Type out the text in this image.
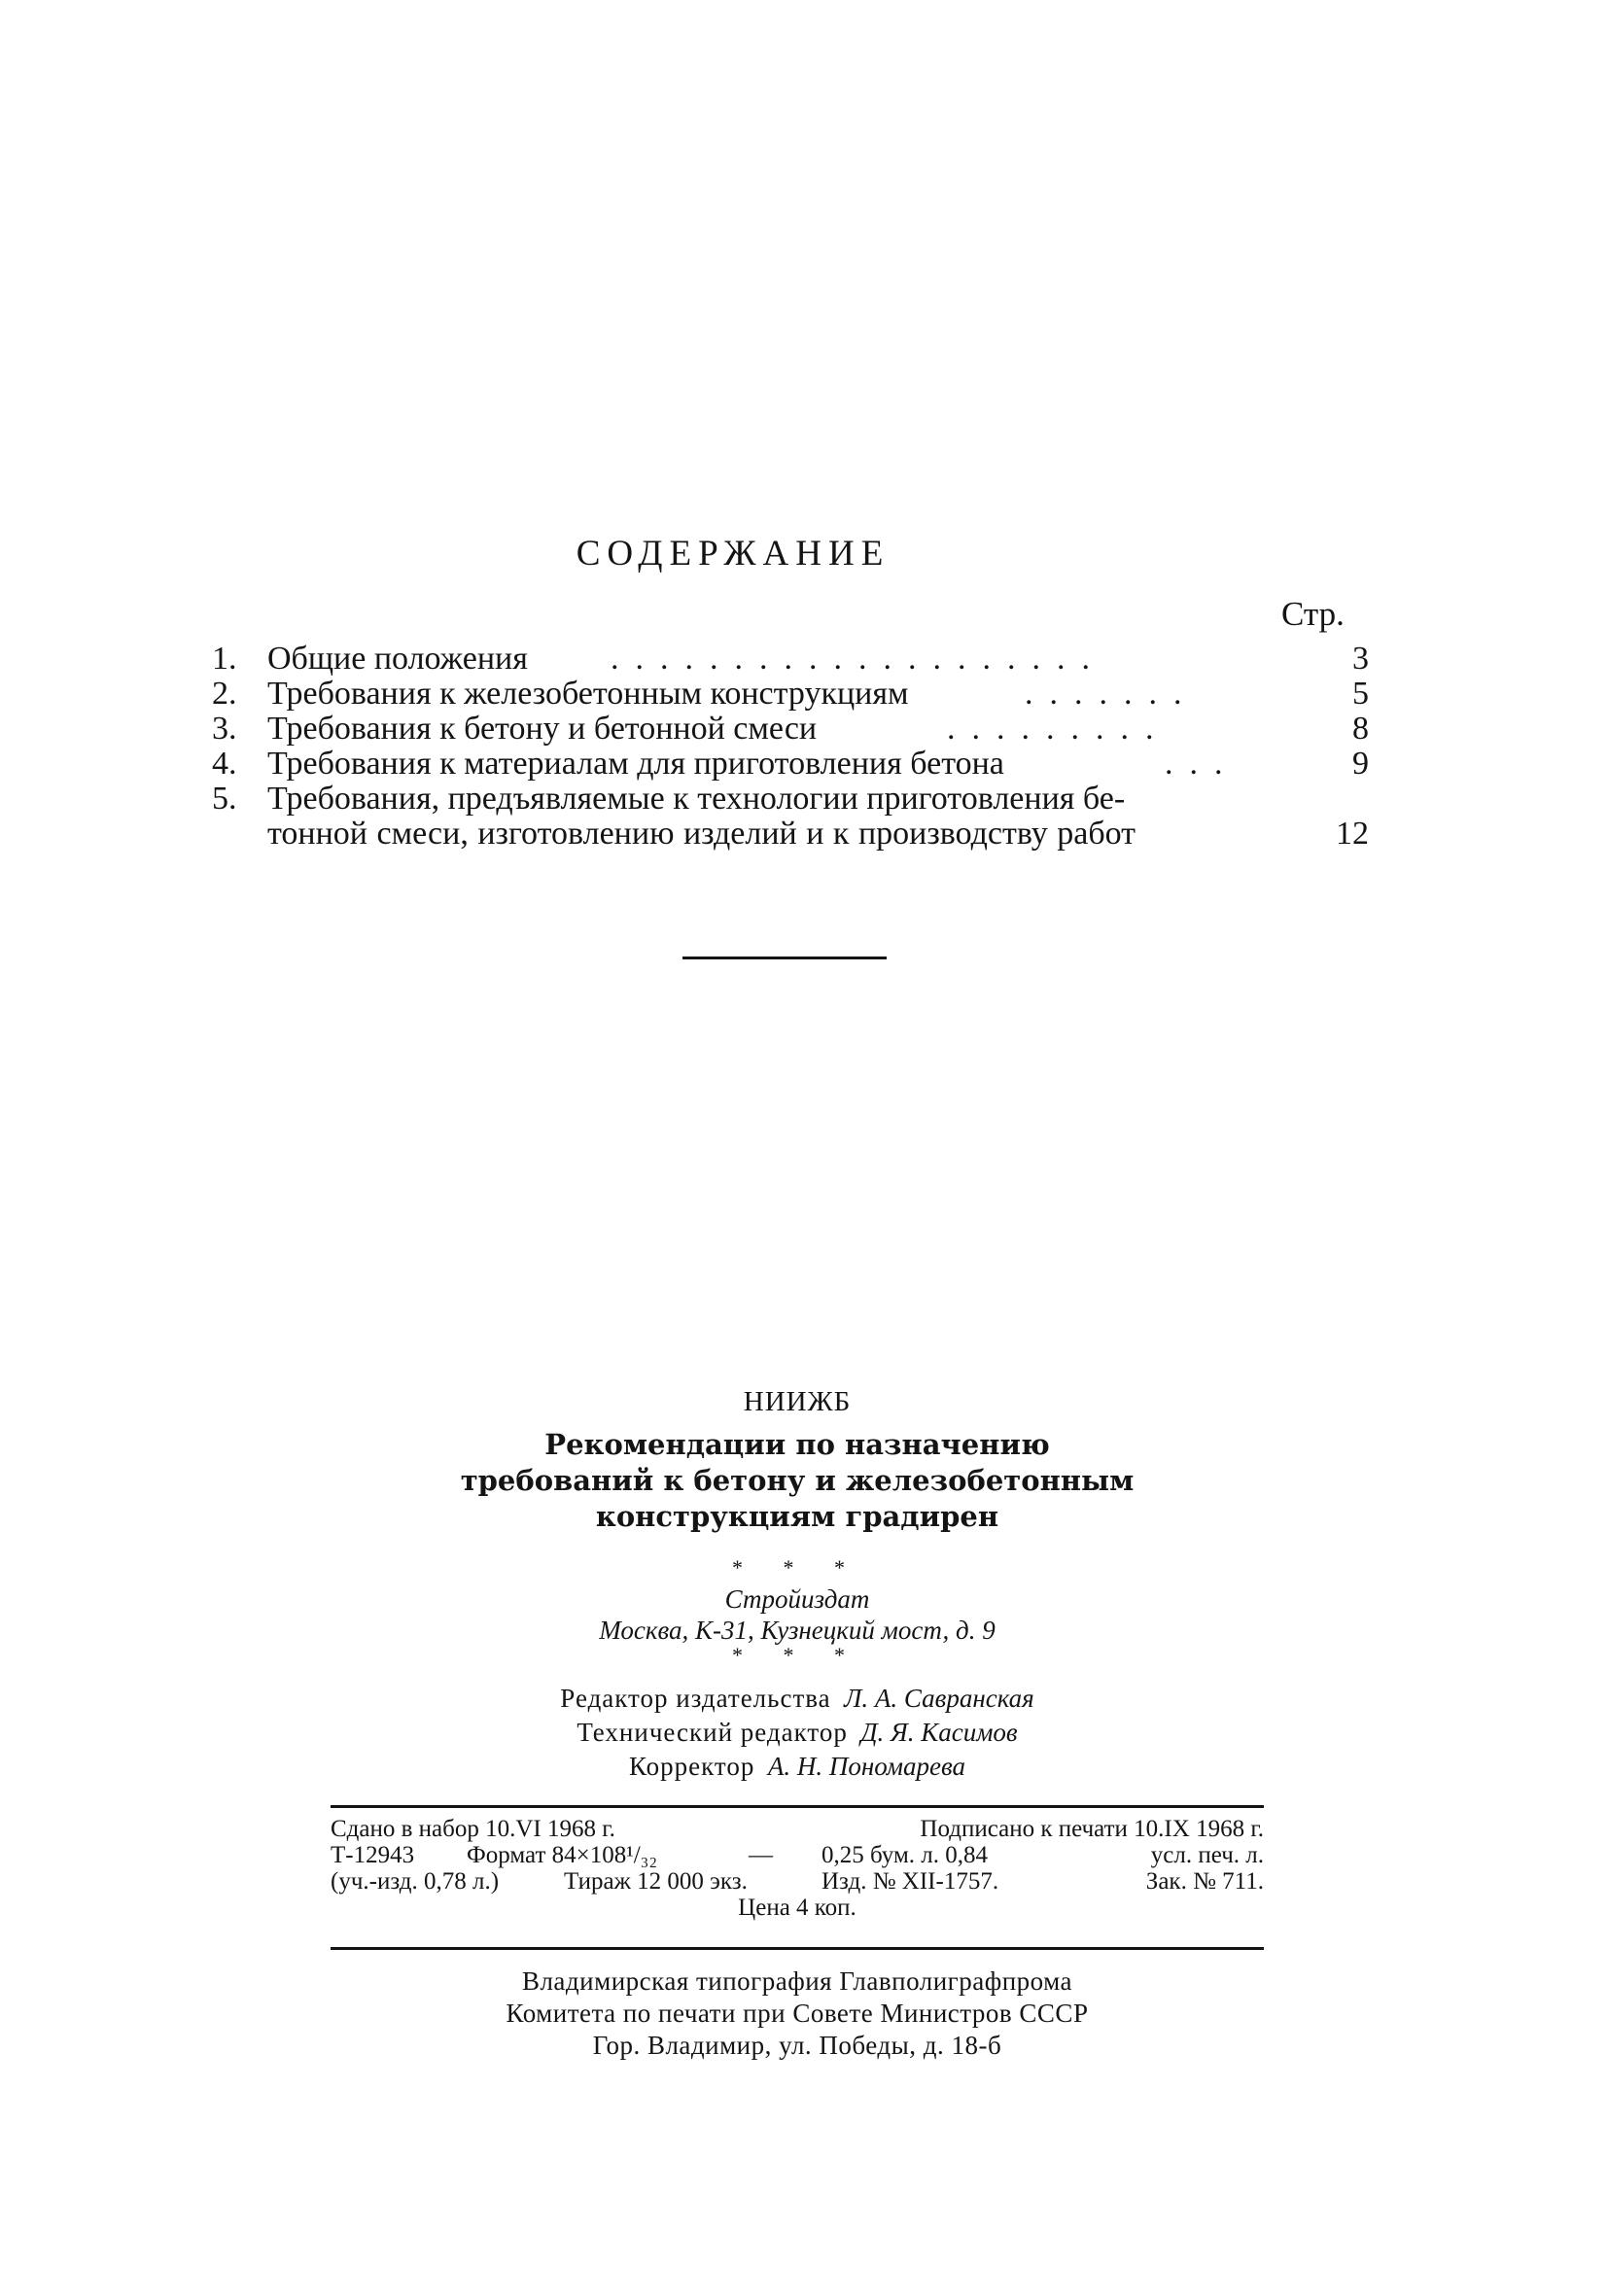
СОДЕРЖАНИЕ
Стр.
1. Общие положения	.  .  .  .  .  .  .  .  .  .  .  .  .  .  .  .  .  .  .  .	3
2. Требования к железобетонным конструкциям	.  .  .  .  .  .  .	5
3. Требования к бетону и бетонной смеси	.  .  .  .  .  .  .  .  .	8
4. Требования к материалам для приготовления бетона	.  .  .	9
5. Требования, предъявляемые к технологии приготовления бе-
тонной смеси, изготовлению изделий и к производству работ	12
НИИЖБ
Рекомендации по назначению
требований к бетону и железобетонным
конструкциям градирен
* * *
Стройиздат
Москва, К-31, Кузнецкий мост, д. 9
* * *
Редактор издательства Л. А. Савранская
Технический редактор Д. Я. Касимов
Корректор А. Н. Пономарева
Сдано в набор 10.VI 1968 г.	Подписано к печати 10.IX 1968 г.
Т-12943 Формат 84×108¹/₃₂	— 0,25 бум. л. 0,84	усл. печ. л.
(уч.-изд. 0,78 л.)	Тираж 12 000 экз.	Изд. № XII-1757.	Зак. № 711.
Цена 4 коп.
Владимирская типография Главполиграфпрома
Комитета по печати при Совете Министров СССР
Гор. Владимир, ул. Победы, д. 18-б
